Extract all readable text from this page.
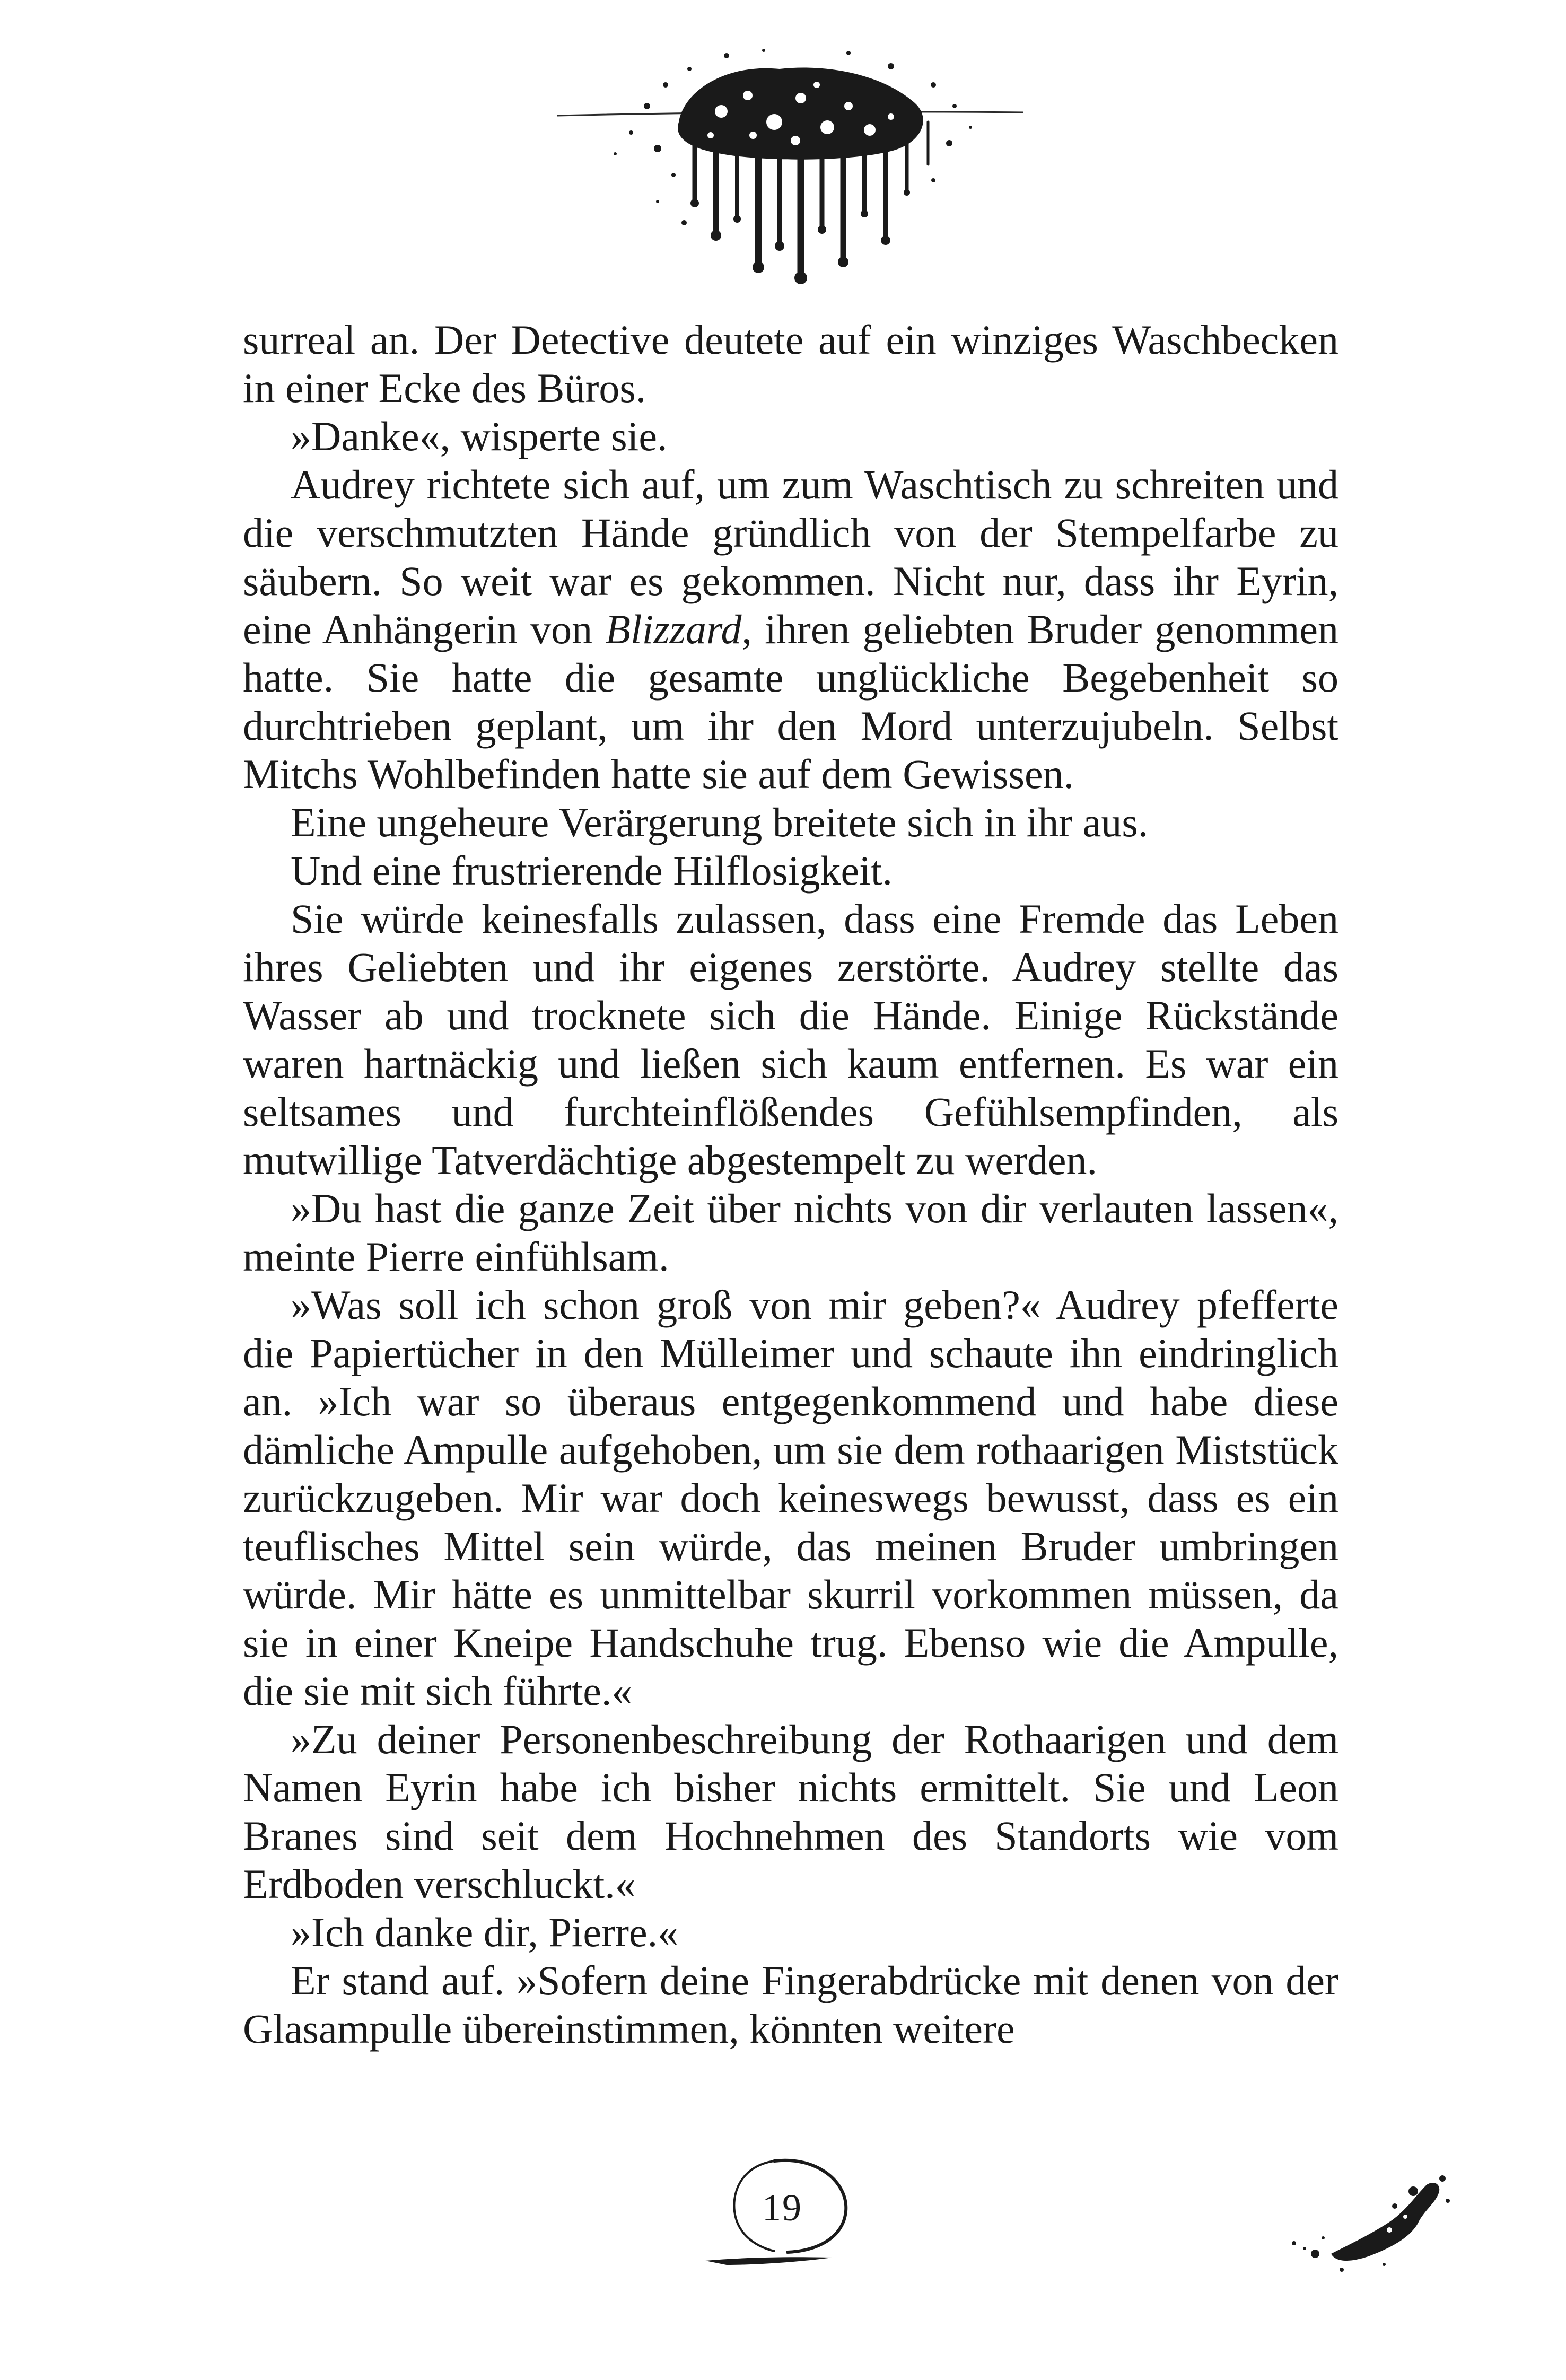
surreal an. Der Detective deutete auf ein winziges Waschbecken in einer Ecke des Büros.

»Danke«, wisperte sie.

Audrey richtete sich auf, um zum Waschtisch zu schreiten und die verschmutzten Hände gründlich von der Stempelfarbe zu säubern. So weit war es gekommen. Nicht nur, dass ihr Eyrin, eine Anhängerin von Blizzard, ihren geliebten Bruder genommen hatte. Sie hatte die gesamte unglückliche Begebenheit so durchtrieben geplant, um ihr den Mord unterzujubeln. Selbst Mitchs Wohlbefinden hatte sie auf dem Gewissen.

Eine ungeheure Verärgerung breitete sich in ihr aus.

Und eine frustrierende Hilflosigkeit.

Sie würde keinesfalls zulassen, dass eine Fremde das Leben ihres Geliebten und ihr eigenes zerstörte. Audrey stellte das Wasser ab und trocknete sich die Hände. Einige Rückstände waren hartnäckig und ließen sich kaum entfernen. Es war ein seltsames und furchteinflößendes Gefühlsempfinden, als mutwillige Tatverdächtige abgestempelt zu werden.

»Du hast die ganze Zeit über nichts von dir verlauten lassen«, meinte Pierre einfühlsam.

»Was soll ich schon groß von mir geben?« Audrey pfefferte die Papiertücher in den Mülleimer und schaute ihn eindringlich an. »Ich war so überaus entgegenkommend und habe diese dämliche Ampulle aufgehoben, um sie dem rothaarigen Miststück zurückzugeben. Mir war doch keineswegs bewusst, dass es ein teuflisches Mittel sein würde, das meinen Bruder umbringen würde. Mir hätte es unmittelbar skurril vorkommen müssen, da sie in einer Kneipe Handschuhe trug. Ebenso wie die Ampulle, die sie mit sich führte.«

»Zu deiner Personenbeschreibung der Rothaarigen und dem Namen Eyrin habe ich bisher nichts ermittelt. Sie und Leon Branes sind seit dem Hochnehmen des Standorts wie vom Erdboden verschluckt.«

»Ich danke dir, Pierre.«

Er stand auf. »Sofern deine Fingerabdrücke mit denen von der Glasampulle übereinstimmen, könnten weitere

19
